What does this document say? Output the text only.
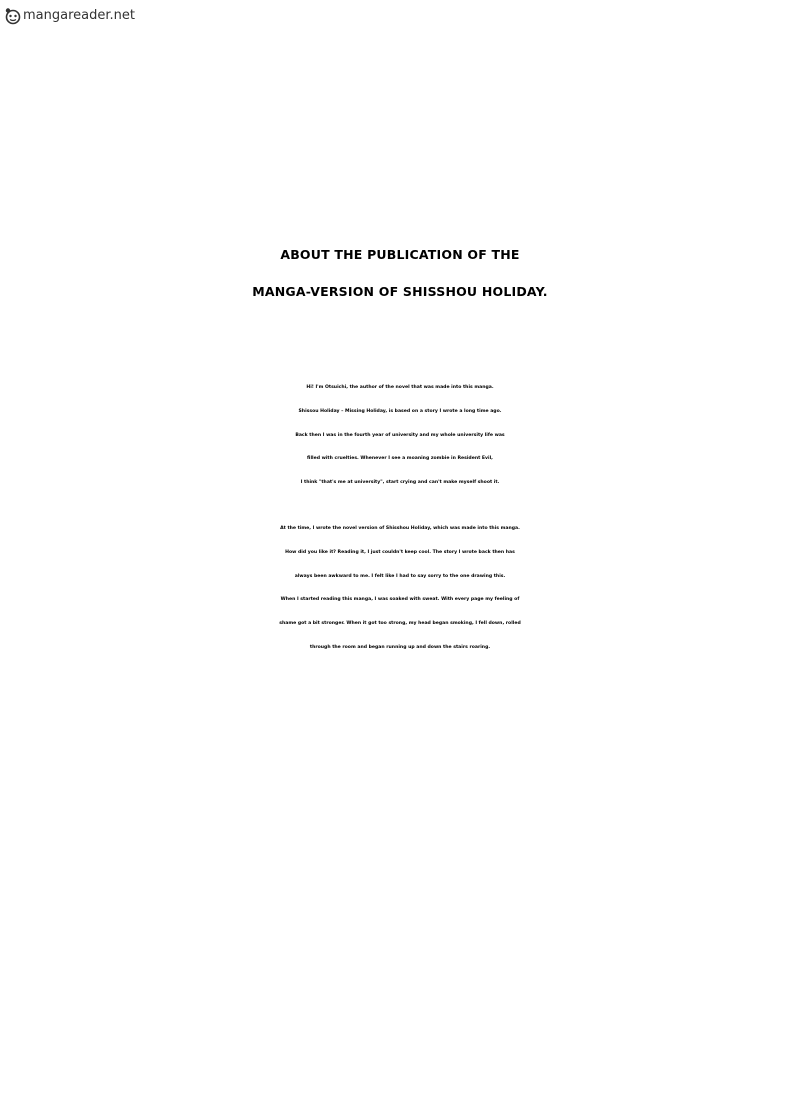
mangareader.net
ABOUT THE PUBLICATION OF THE
MANGA-VERSION OF SHISSHOU HOLIDAY.
Hi! I'm Otsuichi, the author of the novel that was made into this manga.
Shissou Holiday – Missing Holiday, is based on a story I wrote a long time ago.
Back then I was in the fourth year of university and my whole university life was
filled with cruelties. Whenever I see a moaning zombie in Resident Evil,
I think "that's me at university", start crying and can't make myself shoot it.
At the time, I wrote the novel version of Shisshou Holiday, which was made into this manga.
How did you like it? Reading it, I just couldn't keep cool. The story I wrote back then has
always been awkward to me. I felt like I had to say sorry to the one drawing this.
When I started reading this manga, I was soaked with sweat. With every page my feeling of
shame got a bit stronger. When it got too strong, my head began smoking, I fell down, rolled
through the room and began running up and down the stairs roaring.
